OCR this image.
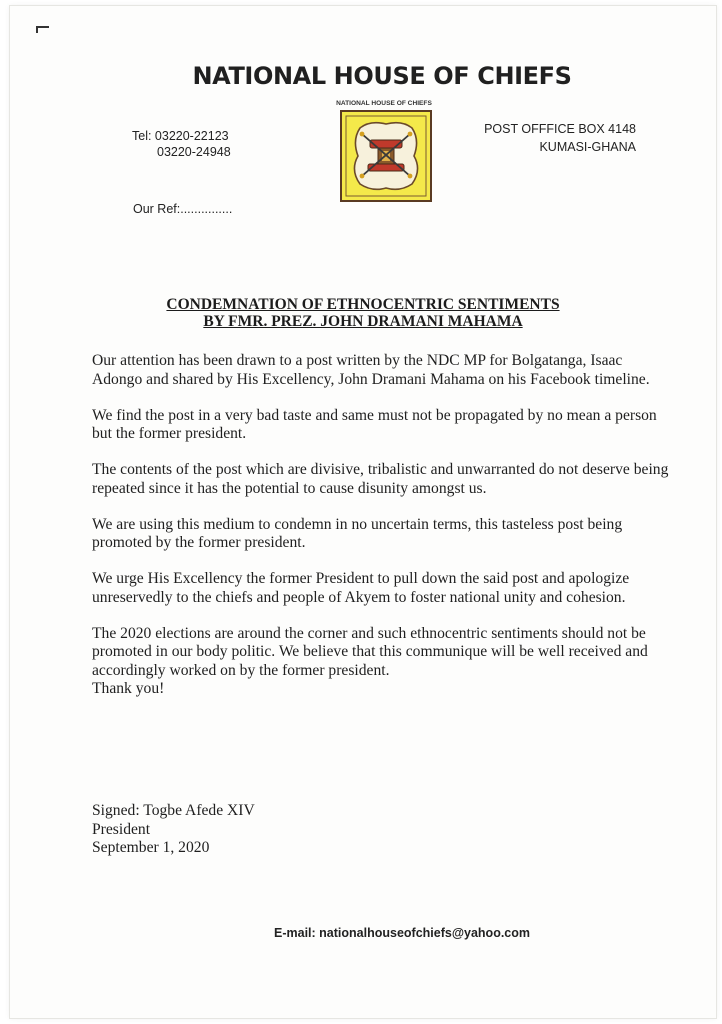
NATIONAL HOUSE OF CHIEFS
Tel: 03220-22123
03220-24948
NATIONAL HOUSE OF CHIEFS
POST OFFFICE BOX 4148
KUMASI-GHANA
Our Ref:...............
CONDEMNATION OF ETHNOCENTRIC SENTIMENTS
BY FMR. PREZ. JOHN DRAMANI MAHAMA

Our attention has been drawn to a post written by the NDC MP for Bolgatanga, Isaac Adongo and shared by His Excellency, John Dramani Mahama on his Facebook timeline.

We find the post in a very bad taste and same must not be propagated by no mean a person but the former president.

The contents of the post which are divisive, tribalistic and unwarranted do not deserve being repeated since it has the potential to cause disunity amongst us.

We are using this medium to condemn in no uncertain terms, this tasteless post being promoted by the former president.

We urge His Excellency the former President to pull down the said post and apologize unreservedly to the chiefs and people of Akyem to foster national unity and cohesion.

The 2020 elections are around the corner and such ethnocentric sentiments should not be promoted in our body politic. We believe that this communique will be well received and accordingly worked on by the former president.

Thank you!

Signed: Togbe Afede XIV
President
September 1, 2020
E-mail: nationalhouseofchiefs@yahoo.com
